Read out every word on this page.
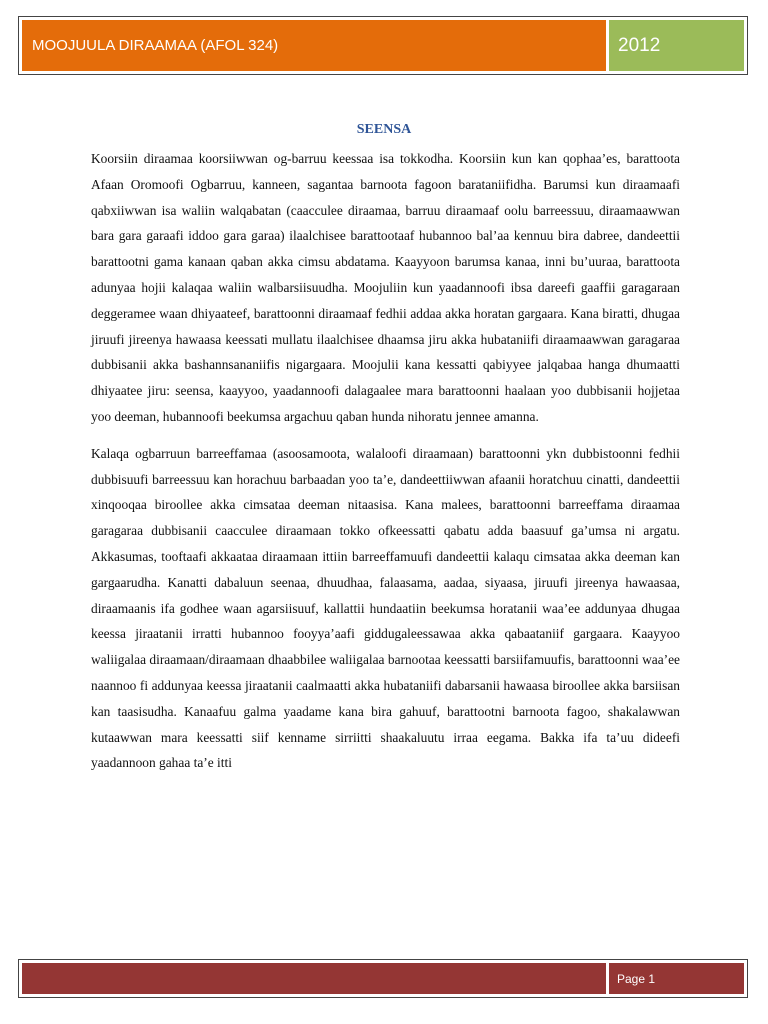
MOOJUULA DIRAAMAA (AFOL 324)	2012
SEENSA

Koorsiin diraamaa koorsiiwwan og-barruu keessaa isa tokkodha. Koorsiin kun kan qophaa’es, barattoota Afaan Oromoofi Ogbarruu, kanneen, sagantaa barnoota fagoon barataniifidha. Barumsi kun diraamaafi qabxiiwwan isa waliin walqabatan (caacculee diraamaa, barruu diraamaaf oolu barreessuu, diraamaawwan bara gara garaafi iddoo gara garaa) ilaalchisee barattootaaf hubannoo bal’aa kennuu bira dabree, dandeettii barattootni gama kanaan qaban akka cimsu abdatama. Kaayyoon barumsa kanaa, inni bu’uuraa, barattoota adunyaa hojii kalaqaa waliin walbarsiisuudha. Moojuliin kun yaadannoofi ibsa dareefi gaaffii garagaraan deggeramee waan dhiyaateef, barattoonni diraamaaf fedhii addaa akka horatan gargaara. Kana biratti, dhugaa jiruufi jireenya hawaasa keessati mullatu ilaalchisee dhaamsa jiru akka hubataniifi diraamaawwan garagaraa dubbisanii akka bashannsananiifis nigargaara. Moojulii kana kessatti qabiyyee jalqabaa hanga dhumaatti dhiyaatee jiru: seensa, kaayyoo, yaadannoofi dalagaalee mara barattoonni haalaan yoo dubbisanii hojjetaa yoo deeman, hubannoofi beekumsa argachuu qaban hunda nihoratu jennee amanna.

Kalaqa ogbarruun barreeffamaa (asoosamoota, walaloofi diraamaan) barattoonni ykn dubbistoonni fedhii dubbisuufi barreessuu kan horachuu barbaadan yoo ta’e, dandeettiiwwan afaanii horatchuu cinatti, dandeettii xinqooqaa biroollee akka cimsataa deeman nitaasisa. Kana malees, barattoonni barreeffama diraamaa garagaraa dubbisanii caacculee diraamaan tokko ofkeessatti qabatu adda baasuuf ga’umsa ni argatu. Akkasumas, tooftaafi akkaataa diraamaan ittiin barreeffamuufi dandeettii kalaqu cimsataa akka deeman kan gargaarudha. Kanatti dabaluun seenaa, dhuudhaa, falaasama, aadaa, siyaasa, jiruufi jireenya hawaasaa, diraamaanis ifa godhee waan agarsiisuuf, kallattii hundaatiin beekumsa horatanii waa’ee addunyaa dhugaa keessa jiraatanii irratti hubannoo fooyya’aafi giddugaleessawaa akka qabaataniif gargaara. Kaayyoo waliigalaa diraamaan/diraamaan dhaabbilee waliigalaa barnootaa keessatti barsiifamuufis, barattoonni waa’ee naannoo fi addunyaa keessa jiraatanii caalmaatti akka hubataniifi dabarsanii hawaasa biroollee akka barsiisan kan taasisudha. Kanaafuu galma yaadame kana bira gahuuf, barattootni barnoota fagoo, shakalawwan kutaawwan mara keessatti siif kenname sirriitti shaakaluutu irraa eegama. Bakka ifa ta’uu dideefi yaadannoon gahaa ta’e itti

Page 1
